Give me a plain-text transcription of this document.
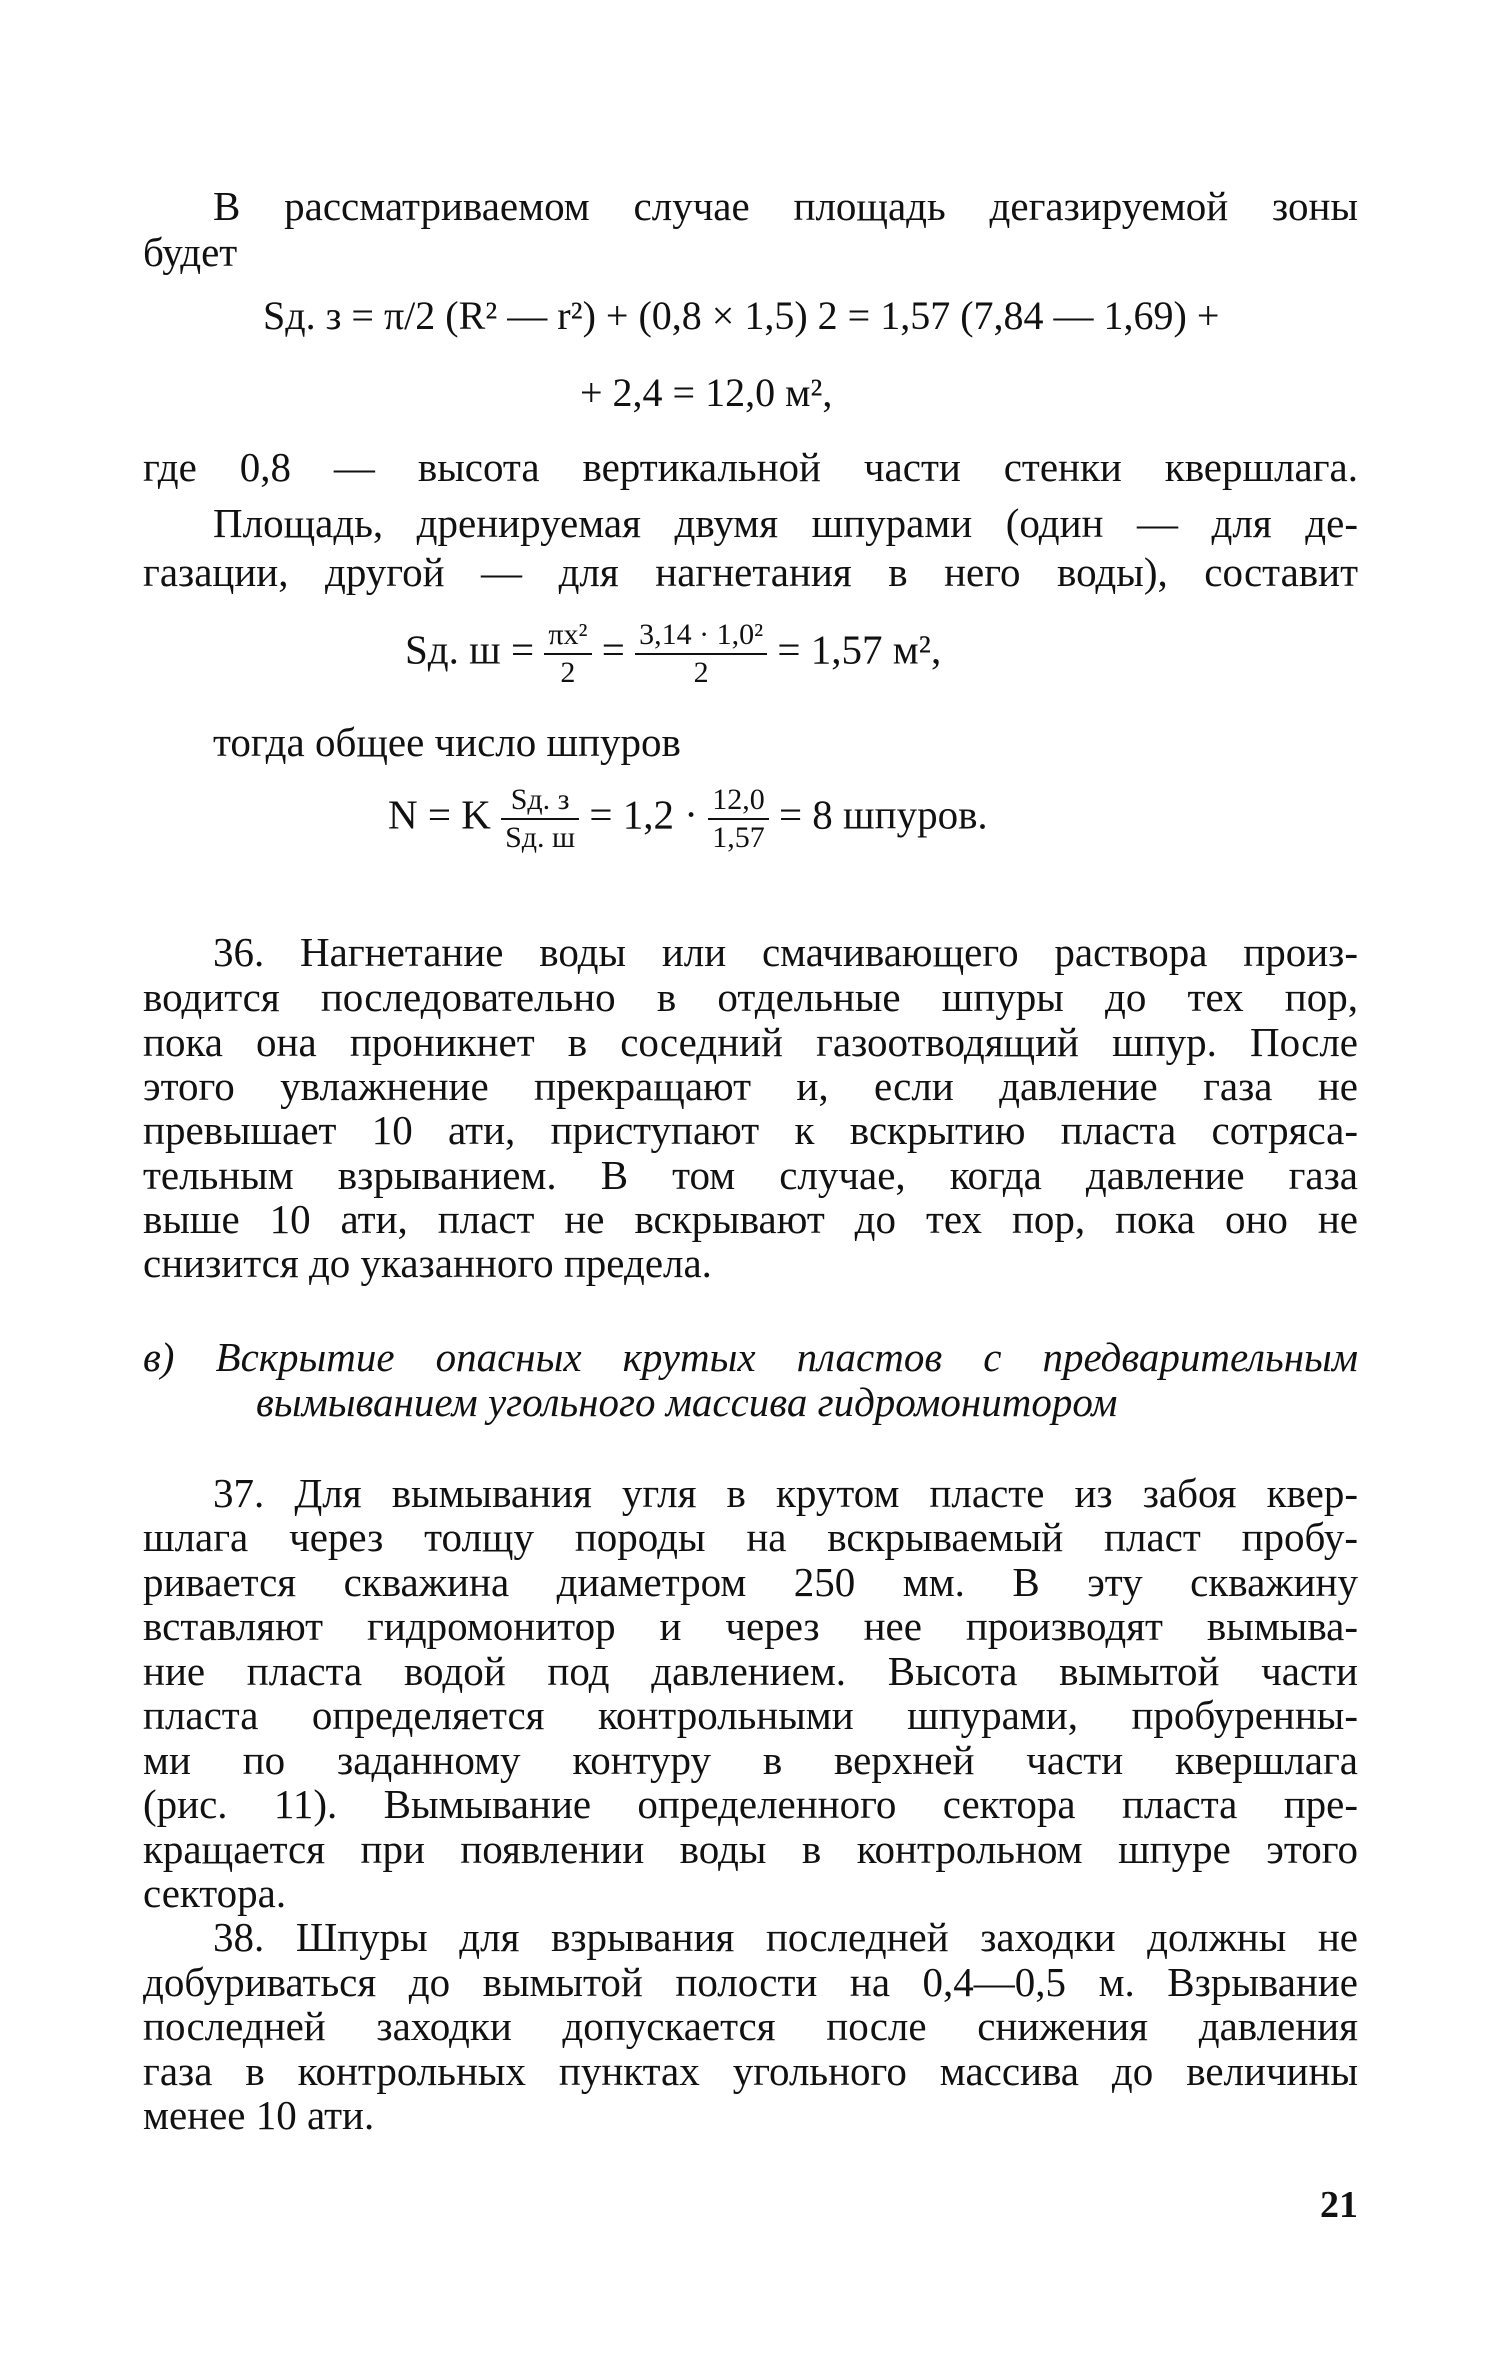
В рассматриваемом случае площадь дегазируемой зоны
будет
Sд. з = π/2 (R² — r²) + (0,8 × 1,5) 2 = 1,57 (7,84 — 1,69) +
+ 2,4 = 12,0 м²,
где 0,8 — высота вертикальной части стенки квершлага.
Площадь, дренируемая двумя шпурами (один — для де-
газации, другой — для нагнетания в него воды), составит
Sд. $ш = \frac{\text{πx²}}{2} = \frac{\text{3,14 · 1,0²}}{2} = 1,57$ м²,
тогда общее число шпуров
N = K $\frac{Sд. з}{Sд. ш} = 1,2 \cdot \frac{12,0}{1,57} = 8$ шпуров.
36. Нагнетание воды или смачивающего раствора произ-
водится последовательно в отдельные шпуры до тех пор,
пока она проникнет в соседний газоотводящий шпур. После
этого увлажнение прекращают и, если давление газа не
превышает 10 ати, приступают к вскрытию пласта сотряса-
тельным взрыванием. В том случае, когда давление газа
выше 10 ати, пласт не вскрывают до тех пор, пока оно не
снизится до указанного предела.
в) Вскрытие опасных крутых пластов с предварительным
вымыванием угольного массива гидромонитором
37. Для вымывания угля в крутом пласте из забоя квер-
шлага через толщу породы на вскрываемый пласт пробу-
ривается скважина диаметром 250 мм. В эту скважину
вставляют гидромонитор и через нее производят вымыва-
ние пласта водой под давлением. Высота вымытой части
пласта определяется контрольными шпурами, пробуренны-
ми по заданному контуру в верхней части квершлага
(рис. 11). Вымывание определенного сектора пласта пре-
кращается при появлении воды в контрольном шпуре этого
сектора.
38. Шпуры для взрывания последней заходки должны не
добуриваться до вымытой полости на 0,4—0,5 м. Взрывание
последней заходки допускается после снижения давления
газа в контрольных пунктах угольного массива до величины
менее 10 ати.
21
